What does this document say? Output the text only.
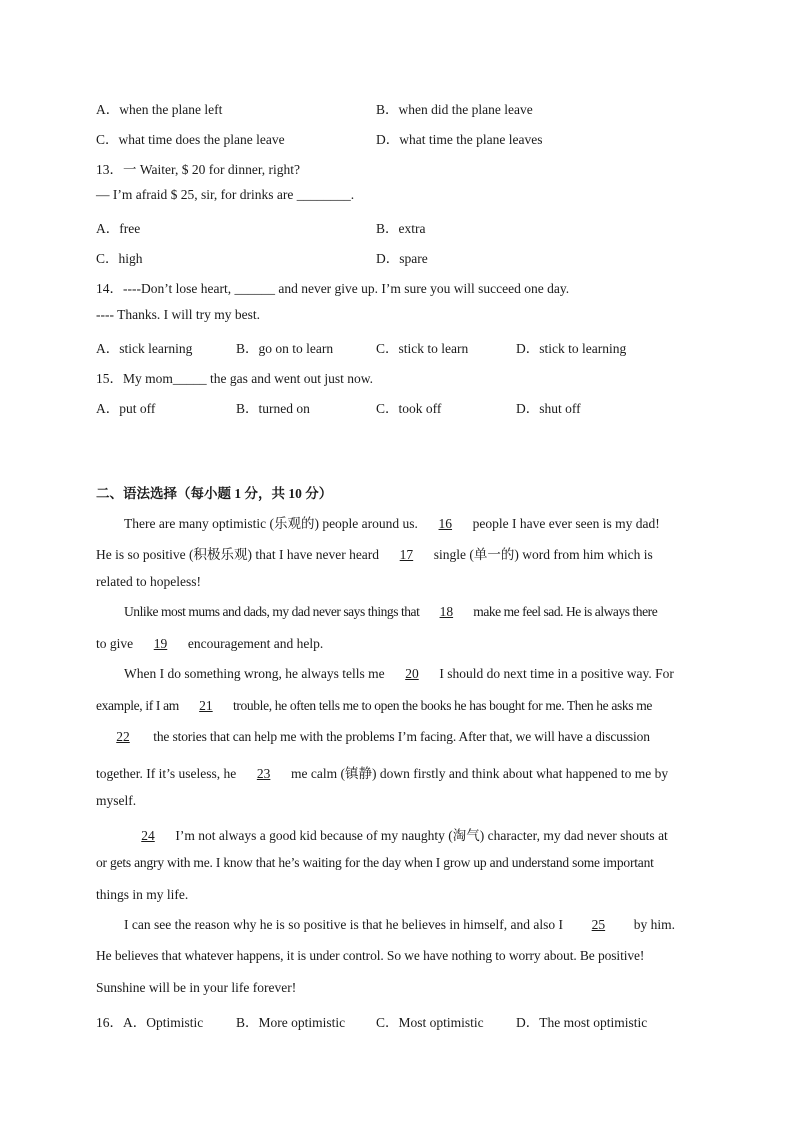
A．when the plane left	B．when did the plane leave
C．what time does the plane leave	D．what time the plane leaves
13．一 Waiter, $ 20 for dinner, right?
— I’m afraid $ 25, sir, for drinks are ________.
A．free	B．extra
C．high	D．spare
14．----Don’t lose heart, ______ and never give up. I’m sure you will succeed one day.
---- Thanks. I will try my best.
A．stick learning	B．go on to learn	C．stick to learn	D．stick to learning
15．My mom_____ the gas and went out just now.
A．put off	B．turned on	C．took off	D．shut off
二、语法选择（每小题 1 分，共 10 分）
There are many optimistic (乐观的) people around us. 16 people I have ever seen is my dad!
He is so positive (积极乐观) that I have never heard 17 single (单一的) word from him which is
related to hopeless!
Unlike most mums and dads, my dad never says things that 18 make me feel sad. He is always there
to give 19 encouragement and help.
When I do something wrong, he always tells me 20 I should do next time in a positive way. For
example, if I am 21 trouble, he often tells me to open the books he has bought for me. Then he asks me
22 the stories that can help me with the problems I’m facing. After that, we will have a discussion
together. If it’s useless, he 23 me calm (镇静) down firstly and think about what happened to me by
myself.
24 I’m not always a good kid because of my naughty (淘气) character, my dad never shouts at
or gets angry with me. I know that he’s waiting for the day when I grow up and understand some important
things in my life.
I can see the reason why he is so positive is that he believes in himself, and also I 25 by him.
He believes that whatever happens, it is under control. So we have nothing to worry about. Be positive!
Sunshine will be in your life forever!
16．A．Optimistic B．More optimistic C．Most optimistic D．The most optimistic
